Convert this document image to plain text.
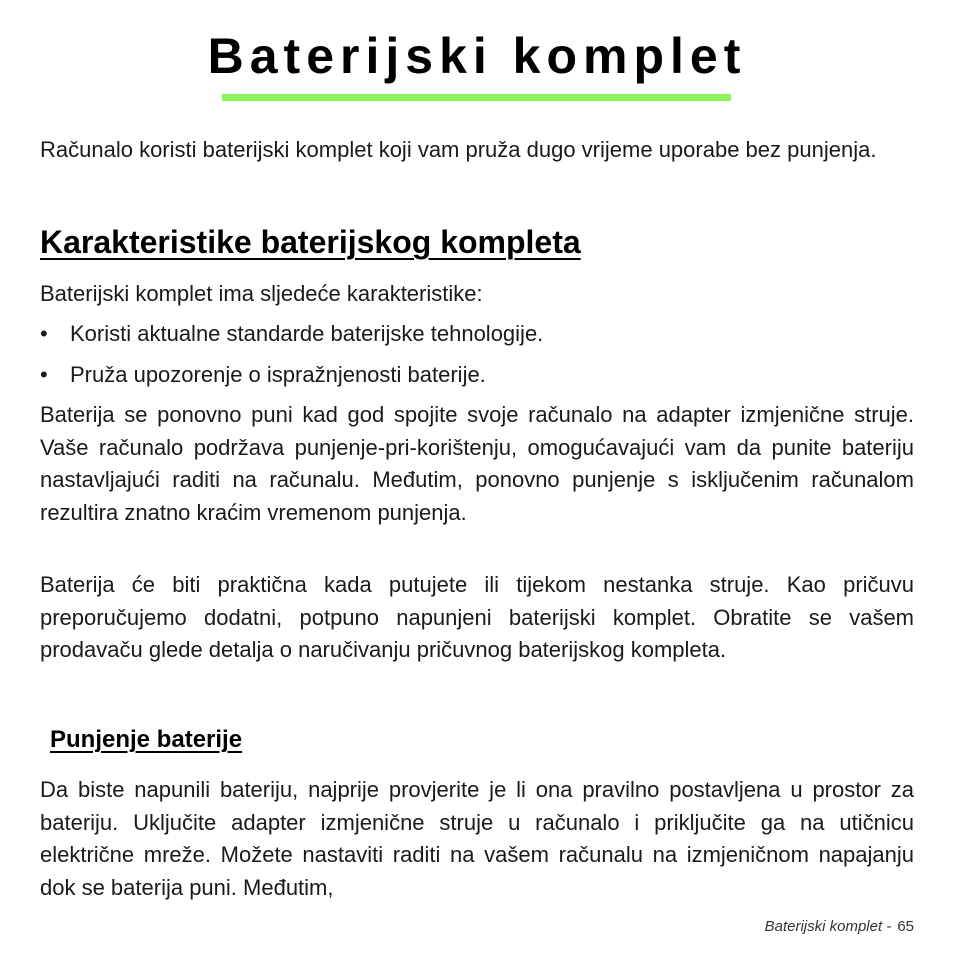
Baterijski komplet

Računalo koristi baterijski komplet koji vam pruža dugo vrijeme uporabe bez punjenja.

Karakteristike baterijskog kompleta

Baterijski komplet ima sljedeće karakteristike:

• Koristi aktualne standarde baterijske tehnologije.
• Pruža upozorenje o ispražnjenosti baterije.

Baterija se ponovno puni kad god spojite svoje računalo na adapter izmjenične struje. Vaše računalo podržava punjenje-pri-korištenju, omogućavajući vam da punite bateriju nastavljajući raditi na računalu. Međutim, ponovno punjenje s isključenim računalom rezultira znatno kraćim vremenom punjenja.

Baterija će biti praktična kada putujete ili tijekom nestanka struje. Kao pričuvu preporučujemo dodatni, potpuno napunjeni baterijski komplet. Obratite se vašem prodavaču glede detalja o naručivanju pričuvnog baterijskog kompleta.

Punjenje baterije

Da biste napunili bateriju, najprije provjerite je li ona pravilno postavljena u prostor za bateriju. Uključite adapter izmjenične struje u računalo i priključite ga na utičnicu električne mreže. Možete nastaviti raditi na vašem računalu na izmjeničnom napajanju dok se baterija puni. Međutim,

Baterijski komplet - 65
